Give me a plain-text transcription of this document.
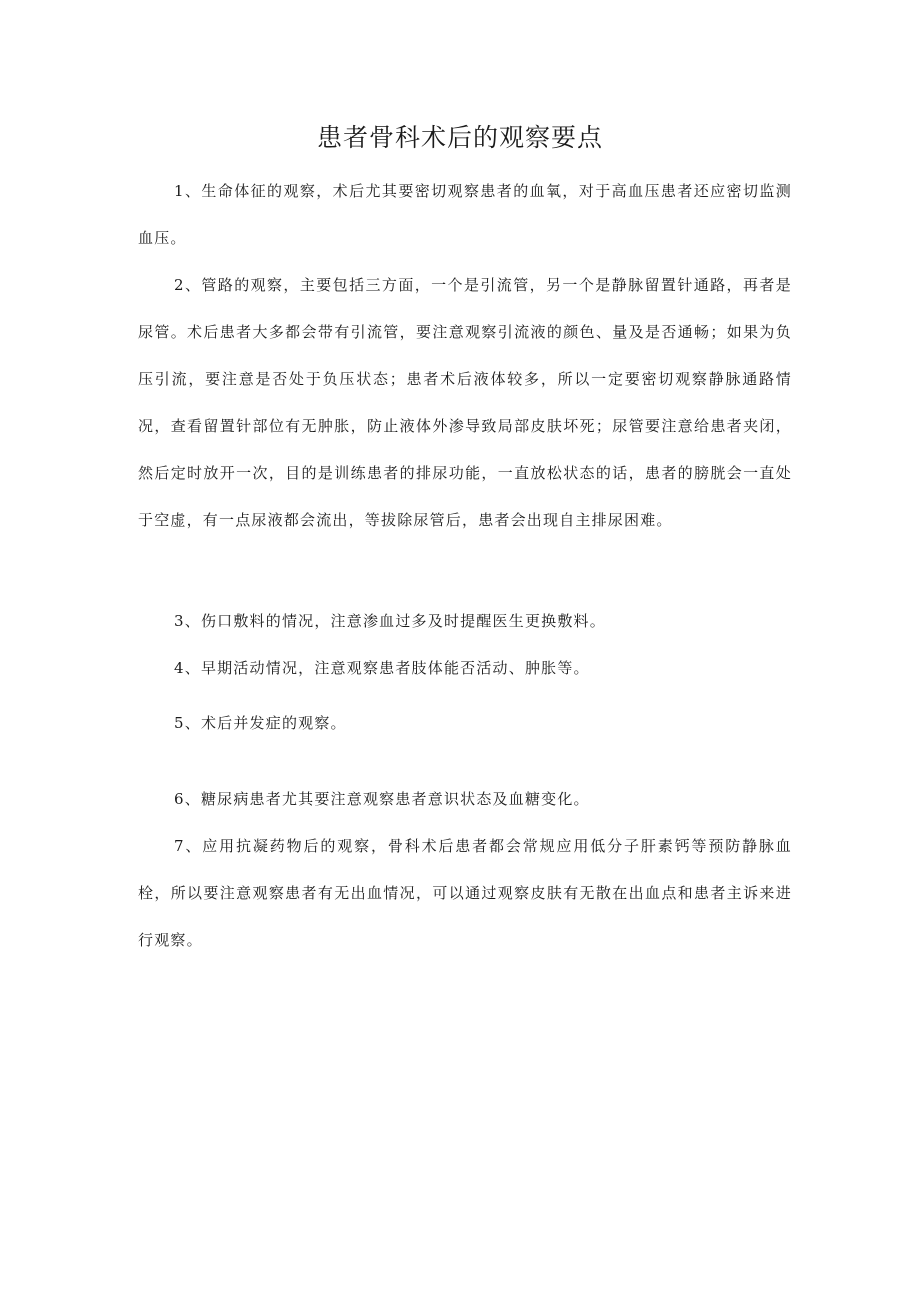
患者骨科术后的观察要点

1、生命体征的观察，术后尤其要密切观察患者的血氧，对于高血压患者还应密切监测血压。

2、管路的观察，主要包括三方面，一个是引流管，另一个是静脉留置针通路，再者是尿管。术后患者大多都会带有引流管，要注意观察引流液的颜色、量及是否通畅；如果为负压引流，要注意是否处于负压状态；患者术后液体较多，所以一定要密切观察静脉通路情况，查看留置针部位有无肿胀，防止液体外渗导致局部皮肤坏死；尿管要注意给患者夹闭，然后定时放开一次，目的是训练患者的排尿功能，一直放松状态的话，患者的膀胱会一直处于空虚，有一点尿液都会流出，等拔除尿管后，患者会出现自主排尿困难。

3、伤口敷料的情况，注意渗血过多及时提醒医生更换敷料。

4、早期活动情况，注意观察患者肢体能否活动、肿胀等。

5、术后并发症的观察。

6、糖尿病患者尤其要注意观察患者意识状态及血糖变化。

7、应用抗凝药物后的观察，骨科术后患者都会常规应用低分子肝素钙等预防静脉血栓，所以要注意观察患者有无出血情况，可以通过观察皮肤有无散在出血点和患者主诉来进行观察。
